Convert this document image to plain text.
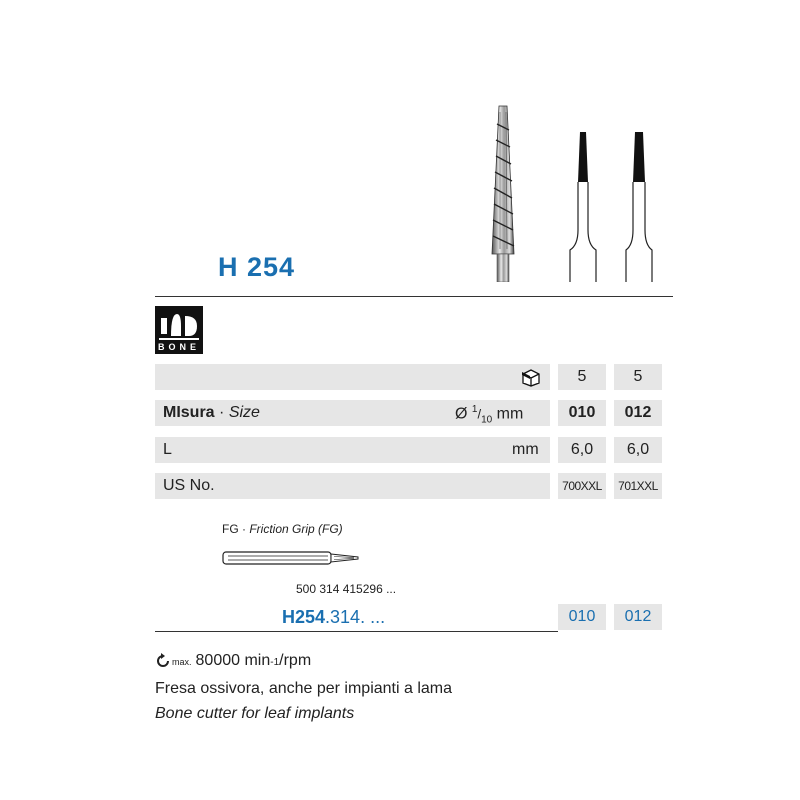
H 254
BONE
5	5
MIsura · Size	Ø $^1/_{10}$ mm	010	012
L	mm	6,0	6,0
US No.	700XXL	701XXL
FG · Friction Grip (FG)
500 314 415296 ...
H254.314. ...	010	012
max. 80000 min -1 /rpm
Fresa ossivora, anche per impianti a lama
Bone cutter for leaf implants
